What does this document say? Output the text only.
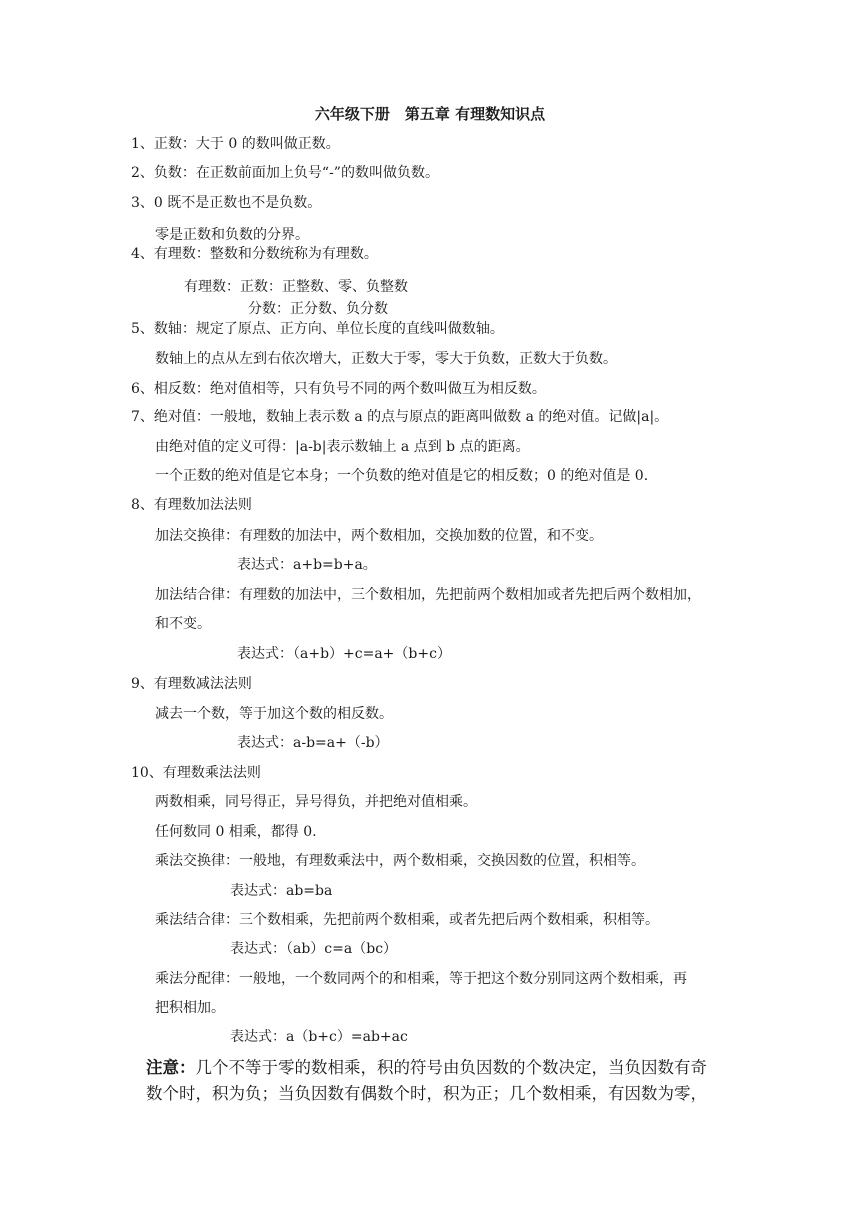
六年级下册　第五章 有理数知识点
1、正数：大于 0 的数叫做正数。
2、负数：在正数前面加上负号“-”的数叫做负数。
3、0 既不是正数也不是负数。
零是正数和负数的分界。
4、有理数：整数和分数统称为有理数。
有理数：正数：正整数、零、负整数
分数：正分数、负分数
5、数轴：规定了原点、正方向、单位长度的直线叫做数轴。
数轴上的点从左到右依次增大，正数大于零，零大于负数，正数大于负数。
6、相反数：绝对值相等，只有负号不同的两个数叫做互为相反数。
7、绝对值：一般地，数轴上表示数 a 的点与原点的距离叫做数 a 的绝对值。记做|a|。
由绝对值的定义可得：|a-b|表示数轴上 a 点到 b 点的距离。
一个正数的绝对值是它本身；一个负数的绝对值是它的相反数；0 的绝对值是 0.
8、有理数加法法则
加法交换律：有理数的加法中，两个数相加，交换加数的位置，和不变。
表达式：a+b=b+a。
加法结合律：有理数的加法中，三个数相加，先把前两个数相加或者先把后两个数相加，
和不变。
表达式：（a+b）+c=a+（b+c）
9、有理数减法法则
减去一个数，等于加这个数的相反数。
表达式：a-b=a+（-b）
10、有理数乘法法则
两数相乘，同号得正，异号得负，并把绝对值相乘。
任何数同 0 相乘，都得 0.
乘法交换律：一般地，有理数乘法中，两个数相乘，交换因数的位置，积相等。
表达式：ab=ba
乘法结合律：三个数相乘，先把前两个数相乘，或者先把后两个数相乘，积相等。
表达式：（ab）c=a（bc）
乘法分配律：一般地，一个数同两个的和相乘，等于把这个数分别同这两个数相乘，再
把积相加。
表达式：a（b+c）=ab+ac
注意：几个不等于零的数相乘，积的符号由负因数的个数决定，当负因数有奇
数个时，积为负；当负因数有偶数个时，积为正；几个数相乘，有因数为零，
